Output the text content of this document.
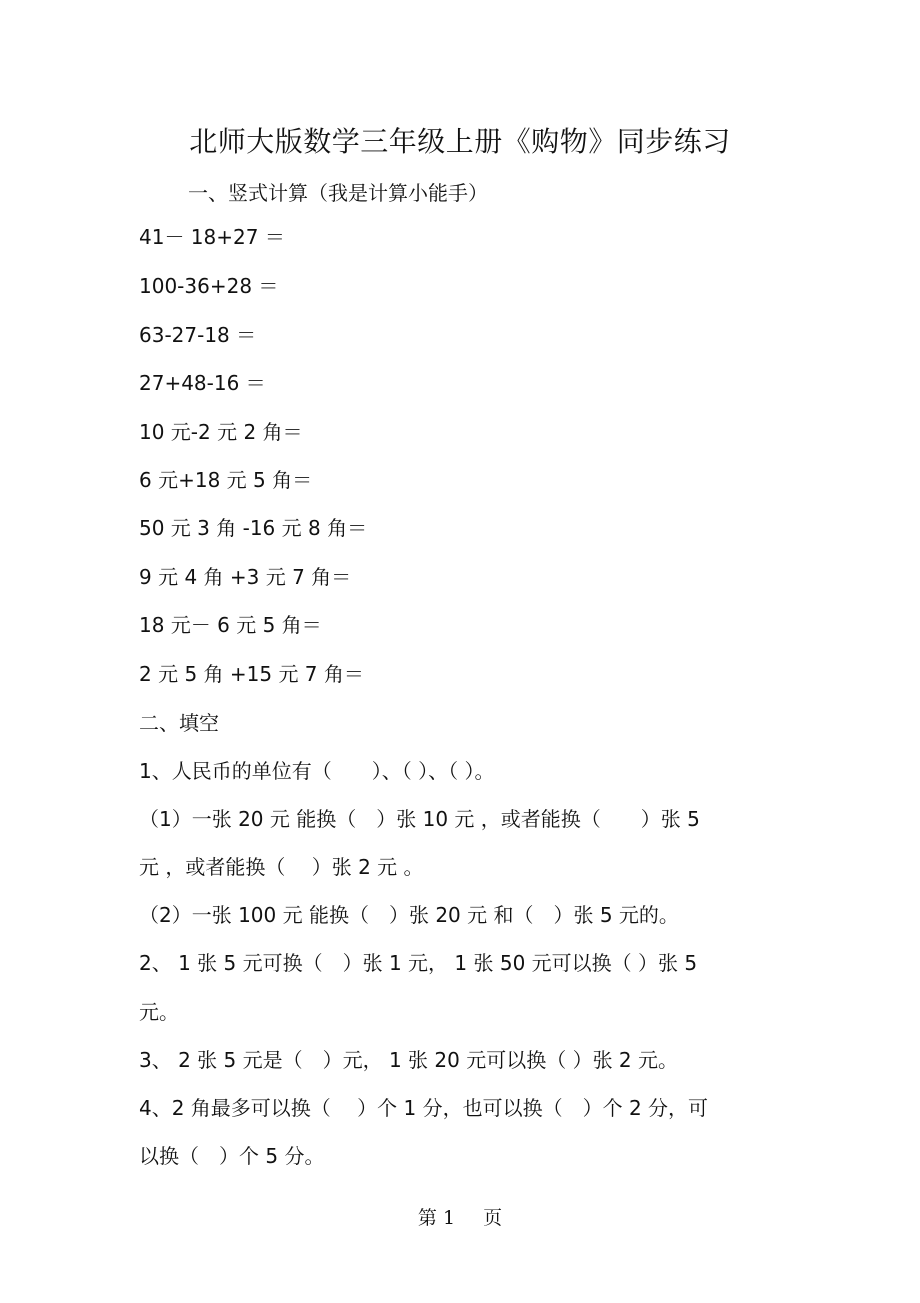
北师大版数学三年级上册《购物》同步练习
一、竖式计算（我是计算小能手）
41－ 18+27 ＝
100-36+28 ＝
63-27-18 ＝
27+48-16 ＝
10 元-2 元 2 角＝
6 元+18 元 5 角＝
50 元 3 角 -16 元 8 角＝
9 元 4 角 +3 元 7 角＝
18 元－ 6 元 5 角＝
2 元 5 角 +15 元 7 角＝
二、填空
1、人民币的单位有（　　）、（ ）、（ ）。
（1）一张 20 元 能换（　）张 10 元 ，或者能换（　　）张 5
元 ，或者能换（　 ）张 2 元 。
（2）一张 100 元 能换（　）张 20 元 和（　）张 5 元的。
2、 1 张 5 元可换（　）张 1 元， 1 张 50 元可以换（ ）张 5
元。
3、 2 张 5 元是（　）元， 1 张 20 元可以换（ ）张 2 元。
4、2 角最多可以换（　 ）个 1 分，也可以换（　）个 2 分，可
以换（　）个 5 分。
第 1 页
